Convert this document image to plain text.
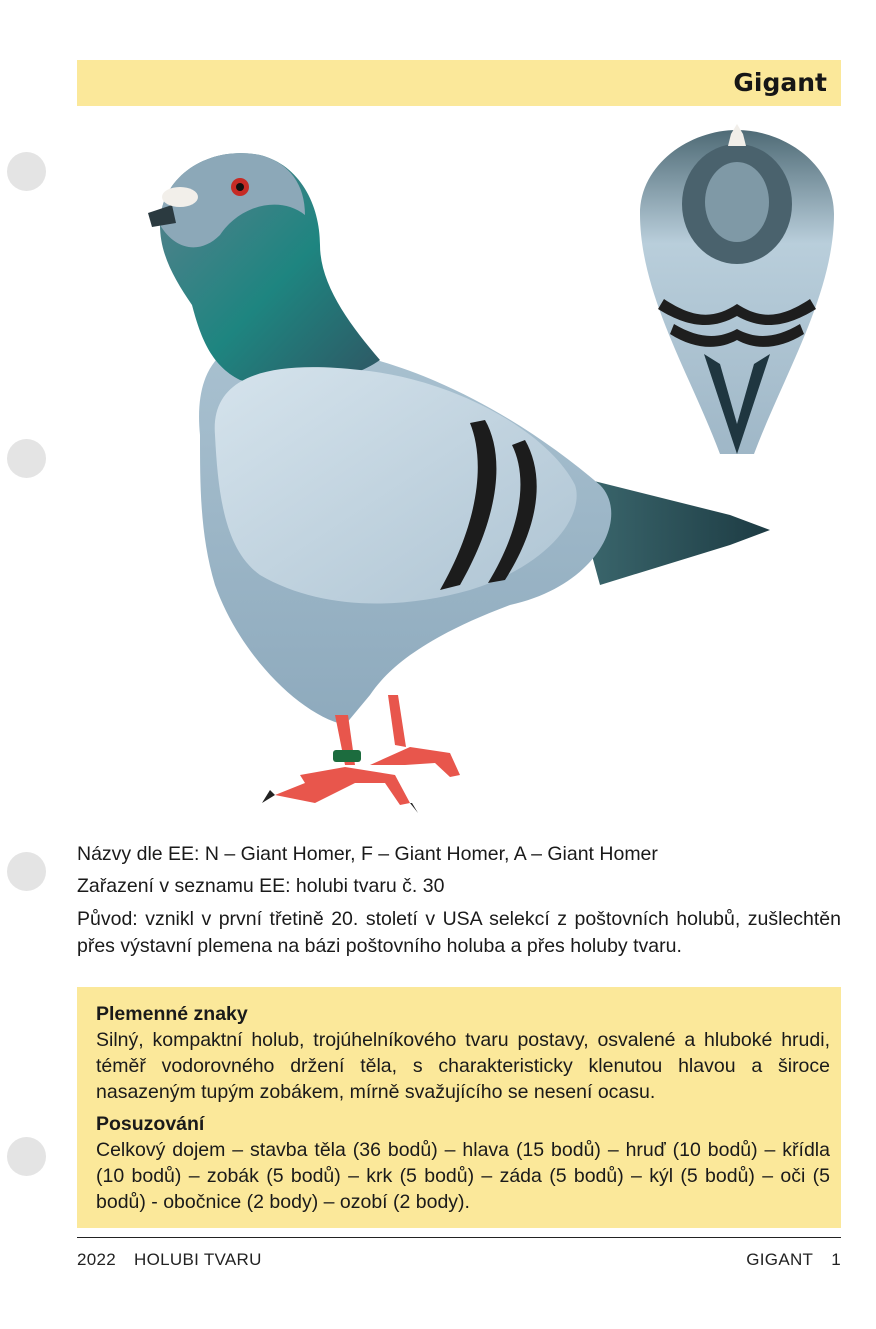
Gigant
Názvy dle EE: N – Giant Homer, F – Giant Homer, A – Giant Homer
Zařazení v seznamu EE: holubi tvaru č. 30
Původ: vznikl v první třetině 20. století v USA selekcí z poštovních holubů, zušlechtěn přes výstavní plemena na bázi poštovního holuba a přes holuby tvaru.
Plemenné znaky

Silný, kompaktní holub, trojúhelníkového tvaru postavy, osvalené a hluboké hrudi, téměř vodorovného držení těla, s charakteristicky klenutou hlavou a široce nasazeným tupým zobákem, mírně svažujícího se nesení ocasu.

Posuzování

Celkový dojem – stavba těla (36 bodů) – hlava (15 bodů) – hruď (10 bodů) – křídla (10 bodů) – zobák (5 bodů) – krk (5 bodů) – záda (5 bodů) – kýl (5 bodů) – oči (5 bodů) - obočnice (2 body) – ozobí (2 body).

2022 HOLUBI TVARU	GIGANT 1
